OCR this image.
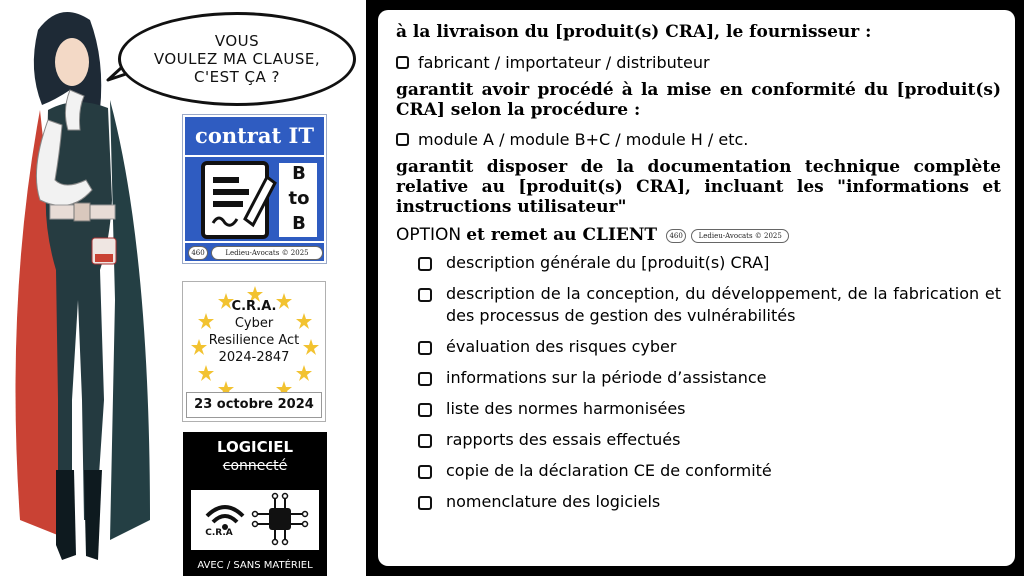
VOUS
VOULEZ MA CLAUSE,
C'EST ÇA ?
contrat IT
B
to
B
460	Ledieu-Avocats © 2025
C.R.A.
Cyber
Resilience Act
2024-2847
23 octobre 2024
LOGICIEL
connecté
C.R.A
AVEC / SANS MATÉRIEL
à la livraison du [produit(s) CRA], le fournisseur :
fabricant / importateur / distributeur
garantit avoir procédé à la mise en conformité du [produit(s) CRA] selon la procédure :
module A / module B+C / module H / etc.
garantit disposer de la documentation technique complète relative au [produit(s) CRA], incluant les "informations et instructions utilisateur"
OPTION et remet au CLIENT 460 Ledieu-Avocats © 2025
description générale du [produit(s) CRA]
description de la conception, du développement, de la fabrication et des processus de gestion des vulnérabilités
évaluation des risques cyber
informations sur la période d’assistance
liste des normes harmonisées
rapports des essais effectués
copie de la déclaration CE de conformité
nomenclature des logiciels
